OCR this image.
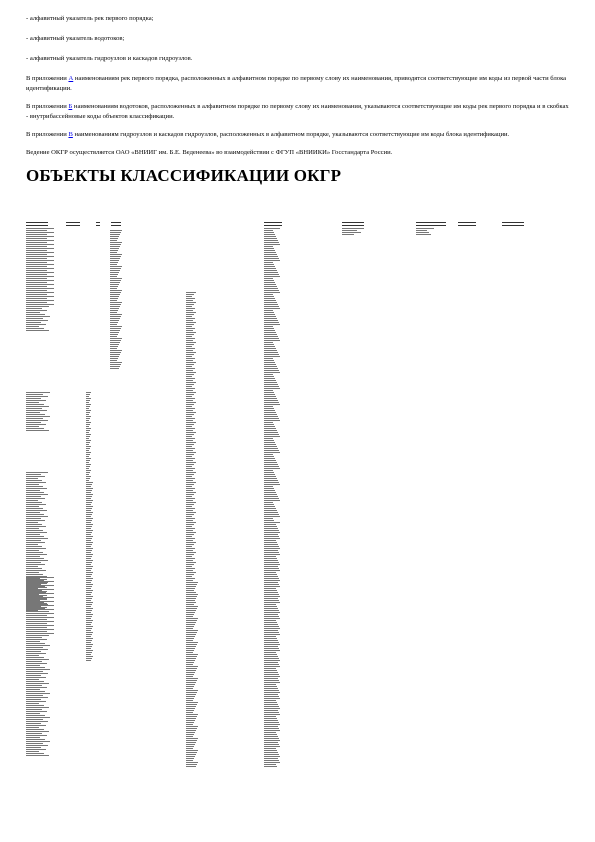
- алфавитный указатель рек первого порядка;

- алфавитный указатель водотоков;

- алфавитный указатель гидроузлов и каскадов гидроузлов.

В приложении А наименованиям рек первого порядка, расположенных в алфавитном порядке по первому слову их наименования, приводятся соответствующие им коды из первой части блока идентификации.

В приложении Б наименованиям водотоков, расположенных в алфавитном порядке по первому слову их наименования, указываются соответствующие им коды рек первого порядка и в скобках - внутрибассейновые коды объектов классификации.

В приложении В наименованиям гидроузлов и каскадов гидроузлов, расположенных в алфавитном порядке, указываются соответствующие им коды блока идентификации.

Ведение ОКГР осуществляется ОАО «ВНИИГ им. Б.Е. Веденеева» во взаимодействии с ФГУП «ВНИИКИ» Госстандарта России.

ОБЪЕКТЫ КЛАССИФИКАЦИИ ОКГР
